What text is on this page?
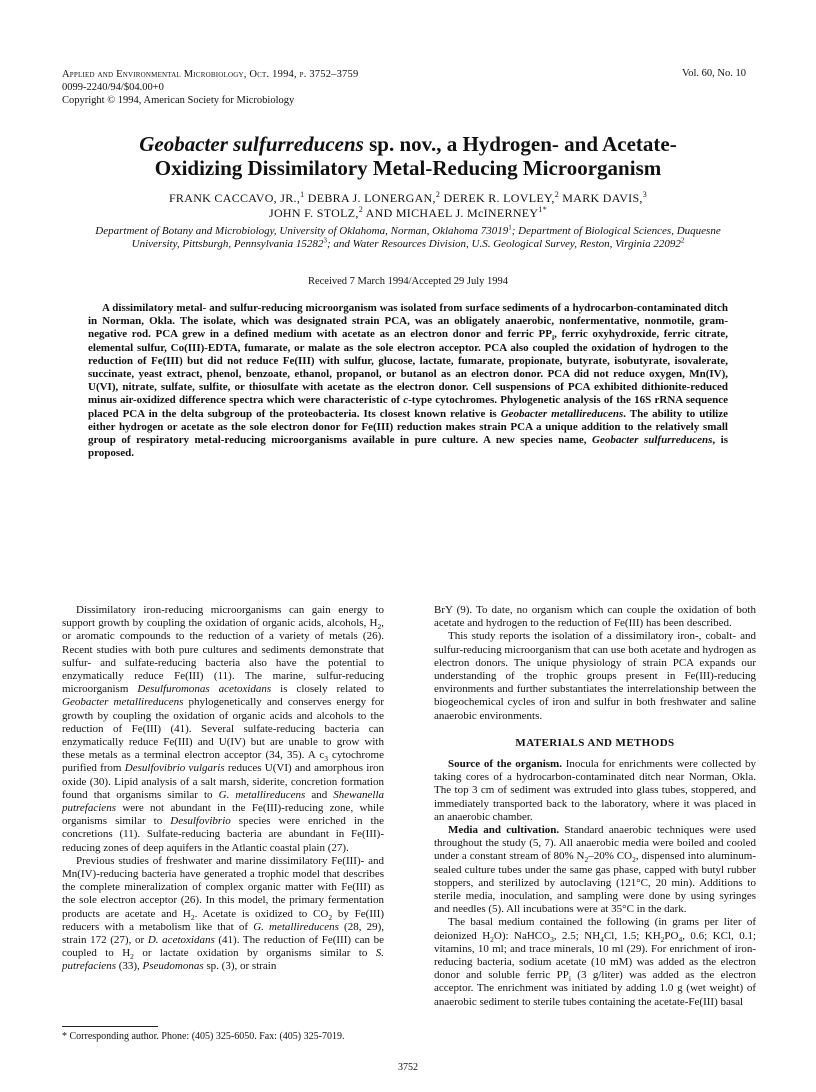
Applied and Environmental Microbiology, Oct. 1994, p. 3752–3759
0099-2240/94/$04.00+0
Copyright © 1994, American Society for Microbiology
Vol. 60, No. 10
Geobacter sulfurreducens sp. nov., a Hydrogen- and Acetate-
Oxidizing Dissimilatory Metal-Reducing Microorganism
FRANK CACCAVO, JR.,$^1$ DEBRA J. LONERGAN,$^2$ DEREK R. LOVLEY,$^2$ MARK DAVIS,$^3$
JOHN F. STOLZ,$^2$ AND MICHAEL J. McINERNEY$^{1*}$
Department of Botany and Microbiology, University of Oklahoma, Norman, Oklahoma 73019$^1$; Department of Biological Sciences, Duquesne University, Pittsburgh, Pennsylvania 15282$^3$; and Water Resources Division, U.S. Geological Survey, Reston, Virginia 22092$^2$
Received 7 March 1994/Accepted 29 July 1994
A dissimilatory metal- and sulfur-reducing microorganism was isolated from surface sediments of a hydrocarbon-contaminated ditch in Norman, Okla. The isolate, which was designated strain PCA, was an obligately anaerobic, nonfermentative, nonmotile, gram-negative rod. PCA grew in a defined medium with acetate as an electron donor and ferric $PP_i$, ferric oxyhydroxide, ferric citrate, elemental sulfur, Co(III)-EDTA, fumarate, or malate as the sole electron acceptor. PCA also coupled the oxidation of hydrogen to the reduction of Fe(III) but did not reduce Fe(III) with sulfur, glucose, lactate, fumarate, propionate, butyrate, isobutyrate, isovalerate, succinate, yeast extract, phenol, benzoate, ethanol, propanol, or butanol as an electron donor. PCA did not reduce oxygen, Mn(IV), U(VI), nitrate, sulfate, sulfite, or thiosulfate with acetate as the electron donor. Cell suspensions of PCA exhibited dithionite-reduced minus air-oxidized difference spectra which were characteristic of c-type cytochromes. Phylogenetic analysis of the 16S rRNA sequence placed PCA in the delta subgroup of the proteobacteria. Its closest known relative is Geobacter metallireducens. The ability to utilize either hydrogen or acetate as the sole electron donor for Fe(III) reduction makes strain PCA a unique addition to the relatively small group of respiratory metal-reducing microorganisms available in pure culture. A new species name, Geobacter sulfurreducens, is proposed.

Dissimilatory iron-reducing microorganisms can gain energy to support growth by coupling the oxidation of organic acids, alcohols, $H_2$, or aromatic compounds to the reduction of a variety of metals (26). Recent studies with both pure cultures and sediments demonstrate that sulfur- and sulfate-reducing bacteria also have the potential to enzymatically reduce Fe(III) (11). The marine, sulfur-reducing microorganism Desulfuromonas acetoxidans is closely related to Geobacter metallireducens phylogenetically and conserves energy for growth by coupling the oxidation of organic acids and alcohols to the reduction of Fe(III) (41). Several sulfate-reducing bacteria can enzymatically reduce Fe(III) and U(IV) but are unable to grow with these metals as a terminal electron acceptor (34, 35). A $c_3$ cytochrome purified from Desulfovibrio vulgaris reduces U(VI) and amorphous iron oxide (30). Lipid analysis of a salt marsh, siderite, concretion formation found that organisms similar to G. metallireducens and Shewanella putrefaciens were not abundant in the Fe(III)-reducing zone, while organisms similar to Desulfovibrio species were enriched in the concretions (11). Sulfate-reducing bacteria are abundant in Fe(III)-reducing zones of deep aquifers in the Atlantic coastal plain (27).

Previous studies of freshwater and marine dissimilatory Fe(III)- and Mn(IV)-reducing bacteria have generated a trophic model that describes the complete mineralization of complex organic matter with Fe(III) as the sole electron acceptor (26). In this model, the primary fermentation products are acetate and $H_2$. Acetate is oxidized to $CO_2$ by Fe(III) reducers with a metabolism like that of G. metallireducens (28, 29), strain 172 (27), or D. acetoxidans (41). The reduction of Fe(III) can be coupled to $H_2$ or lactate oxidation by organisms similar to S. putrefaciens (33), Pseudomonas sp. (3), or strain

BrY (9). To date, no organism which can couple the oxidation of both acetate and hydrogen to the reduction of Fe(III) has been described.

This study reports the isolation of a dissimilatory iron-, cobalt- and sulfur-reducing microorganism that can use both acetate and hydrogen as electron donors. The unique physiology of strain PCA expands our understanding of the trophic groups present in Fe(III)-reducing environments and further substantiates the interrelationship between the biogeochemical cycles of iron and sulfur in both freshwater and saline anaerobic environments.

MATERIALS AND METHODS

Source of the organism. Inocula for enrichments were collected by taking cores of a hydrocarbon-contaminated ditch near Norman, Okla. The top 3 cm of sediment was extruded into glass tubes, stoppered, and immediately transported back to the laboratory, where it was placed in an anaerobic chamber.

Media and cultivation. Standard anaerobic techniques were used throughout the study (5, 7). All anaerobic media were boiled and cooled under a constant stream of 80% $N_2-20\%$ $CO_2$, dispensed into aluminum-sealed culture tubes under the same gas phase, capped with butyl rubber stoppers, and sterilized by autoclaving (121°C, 20 min). Additions to sterile media, inoculation, and sampling were done by using syringes and needles (5). All incubations were at 35°C in the dark.

The basal medium contained the following (in grams per liter of deionized $H_2O$): NaHCO$_3$, 2.5; $NH_4Cl$, 1.5; $KH_2PO_4$, 0.6; KCl, 0.1; vitamins, 10 ml; and trace minerals, 10 ml (29). For enrichment of iron-reducing bacteria, sodium acetate (10 mM) was added as the electron donor and soluble ferric $PP_i$ (3 g/liter) was added as the electron acceptor. The enrichment was initiated by adding 1.0 g (wet weight) of anaerobic sediment to sterile tubes containing the acetate-Fe(III) basal

* Corresponding author. Phone: (405) 325-6050. Fax: (405) 325-7019.
3752
